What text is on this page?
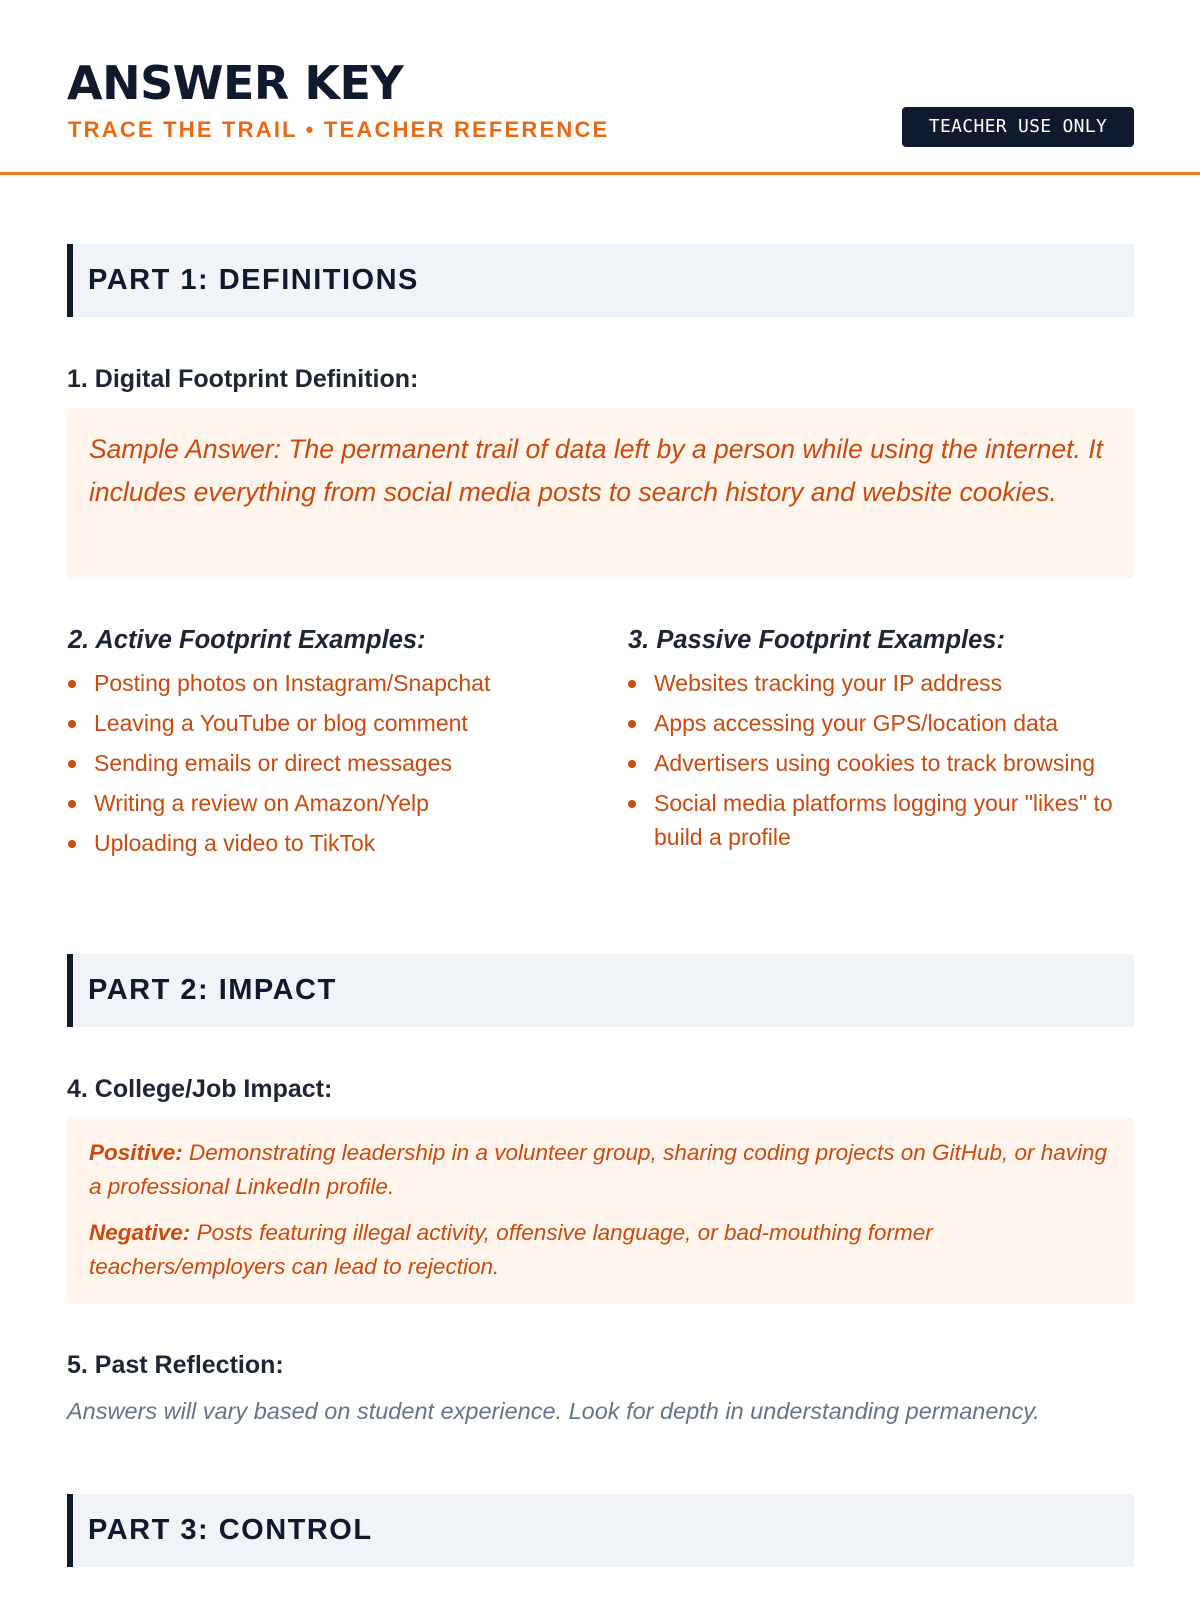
ANSWER KEY
TRACE THE TRAIL • TEACHER REFERENCE	TEACHER USE ONLY
PART 1: DEFINITIONS
1. Digital Footprint Definition:
Sample Answer: The permanent trail of data left by a person while using the internet. It includes everything from social media posts to search history and website cookies.
2. Active Footprint Examples:
Posting photos on Instagram/Snapchat
Leaving a YouTube or blog comment
Sending emails or direct messages
Writing a review on Amazon/Yelp
Uploading a video to TikTok
3. Passive Footprint Examples:
Websites tracking your IP address
Apps accessing your GPS/location data
Advertisers using cookies to track browsing
Social media platforms logging your "likes" to build a profile
PART 2: IMPACT
4. College/Job Impact:

Positive: Demonstrating leadership in a volunteer group, sharing coding projects on GitHub, or having a professional LinkedIn profile.

Negative: Posts featuring illegal activity, offensive language, or bad-mouthing former teachers/employers can lead to rejection.

5. Past Reflection:
Answers will vary based on student experience. Look for depth in understanding permanency.
PART 3: CONTROL
